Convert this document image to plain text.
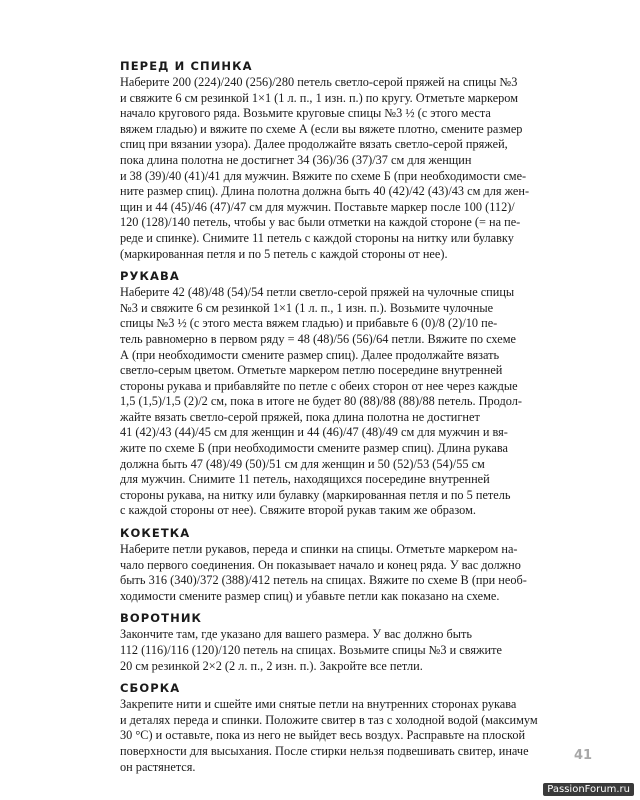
ПЕРЕД И СПИНКА
Наберите 200 (224)/240 (256)/280 петель светло-серой пряжей на спицы №3
и свяжите 6 см резинкой 1×1 (1 л. п., 1 изн. п.) по кругу. Отметьте маркером
начало кругового ряда. Возьмите круговые спицы №3 ½ (с этого места
вяжем гладью) и вяжите по схеме А (если вы вяжете плотно, смените размер
спиц при вязании узора). Далее продолжайте вязать светло-серой пряжей,
пока длина полотна не достигнет 34 (36)/36 (37)/37 см для женщин
и 38 (39)/40 (41)/41 для мужчин. Вяжите по схеме Б (при необходимости сме-
ните размер спиц). Длина полотна должна быть 40 (42)/42 (43)/43 см для жен-
щин и 44 (45)/46 (47)/47 см для мужчин. Поставьте маркер после 100 (112)/
120 (128)/140 петель, чтобы у вас были отметки на каждой стороне (= на пе-
реде и спинке). Снимите 11 петель с каждой стороны на нитку или булавку
(маркированная петля и по 5 петель с каждой стороны от нее).
РУКАВА
Наберите 42 (48)/48 (54)/54 петли светло-серой пряжей на чулочные спицы
№3 и свяжите 6 см резинкой 1×1 (1 л. п., 1 изн. п.). Возьмите чулочные
спицы №3 ½ (с этого места вяжем гладью) и прибавьте 6 (0)/8 (2)/10 пе-
тель равномерно в первом ряду = 48 (48)/56 (56)/64 петли. Вяжите по схеме
А (при необходимости смените размер спиц). Далее продолжайте вязать
светло-серым цветом. Отметьте маркером петлю посередине внутренней
стороны рукава и прибавляйте по петле с обеих сторон от нее через каждые
1,5 (1,5)/1,5 (2)/2 см, пока в итоге не будет 80 (88)/88 (88)/88 петель. Продол-
жайте вязать светло-серой пряжей, пока длина полотна не достигнет
41 (42)/43 (44)/45 см для женщин и 44 (46)/47 (48)/49 см для мужчин и вя-
жите по схеме Б (при необходимости смените размер спиц). Длина рукава
должна быть 47 (48)/49 (50)/51 см для женщин и 50 (52)/53 (54)/55 см
для мужчин. Снимите 11 петель, находящихся посередине внутренней
стороны рукава, на нитку или булавку (маркированная петля и по 5 петель
с каждой стороны от нее). Свяжите второй рукав таким же образом.
КОКЕТКА
Наберите петли рукавов, переда и спинки на спицы. Отметьте маркером на-
чало первого соединения. Он показывает начало и конец ряда. У вас должно
быть 316 (340)/372 (388)/412 петель на спицах. Вяжите по схеме В (при необ-
ходимости смените размер спиц) и убавьте петли как показано на схеме.
ВОРОТНИК
Закончите там, где указано для вашего размера. У вас должно быть
112 (116)/116 (120)/120 петель на спицах. Возьмите спицы №3 и свяжите
20 см резинкой 2×2 (2 л. п., 2 изн. п.). Закройте все петли.
СБОРКА
Закрепите нити и сшейте ими снятые петли на внутренних сторонах рукава
и деталях переда и спинки. Положите свитер в таз с холодной водой (максимум
30 °C) и оставьте, пока из него не выйдет весь воздух. Расправьте на плоской
поверхности для высыхания. После стирки нельзя подвешивать свитер, иначе
он растянется.
41
PassionForum.ru
